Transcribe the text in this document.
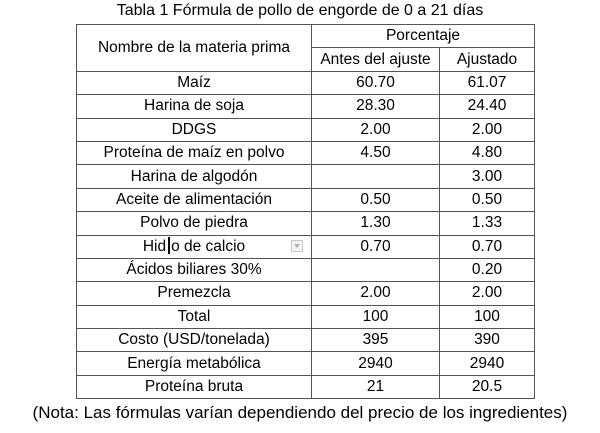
Tabla 1 Fórmula de pollo de engorde de 0 a 21 días
Nombre de la materia prima	Porcentaje	
	Antes del ajuste	Ajustado
Maíz	60.70	61.07
Harina de soja	28.30	24.40
DDGS	2.00	2.00
Proteína de maíz en polvo	4.50	4.80
Harina de algodón		3.00
Aceite de alimentación	0.50	0.50
Polvo de piedra	1.30	1.33

Hid o de calcio	0.70	0.70
Ácidos biliares 30%		0.20
Premezcla	2.00	2.00
Total	100	100
Costo (USD/tonelada)	395	390
Energía metabólica	2940	2940
Proteína bruta	21	20.5
(Nota: Las fórmulas varían dependiendo del precio de los ingredientes)
